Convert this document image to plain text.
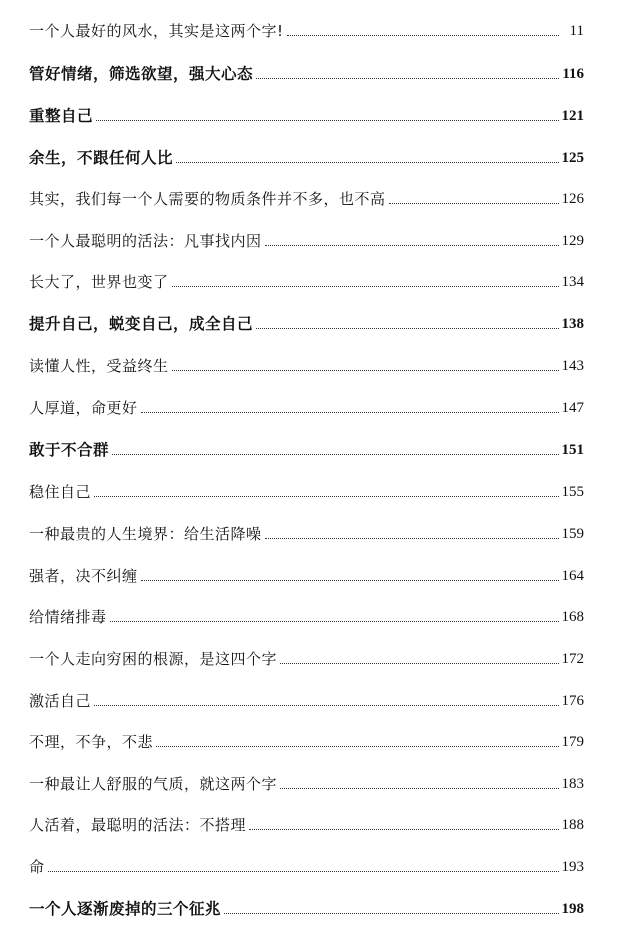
一个人最好的风水，其实是这两个字!	11
管好情绪，筛选欲望，强大心态	116
重整自己	121
余生，不跟任何人比	125
其实，我们每一个人需要的物质条件并不多，也不高	126
一个人最聪明的活法：凡事找内因	129
长大了，世界也变了	134
提升自己，蜕变自己，成全自己	138
读懂人性，受益终生	143
人厚道，命更好	147
敢于不合群	151
稳住自己	155
一种最贵的人生境界：给生活降噪	159
强者，决不纠缠	164
给情绪排毒	168
一个人走向穷困的根源，是这四个字	172
激活自己	176
不理，不争，不悲	179
一种最让人舒服的气质，就这两个字	183
人活着，最聪明的活法：不搭理	188
命	193
一个人逐渐废掉的三个征兆	198
